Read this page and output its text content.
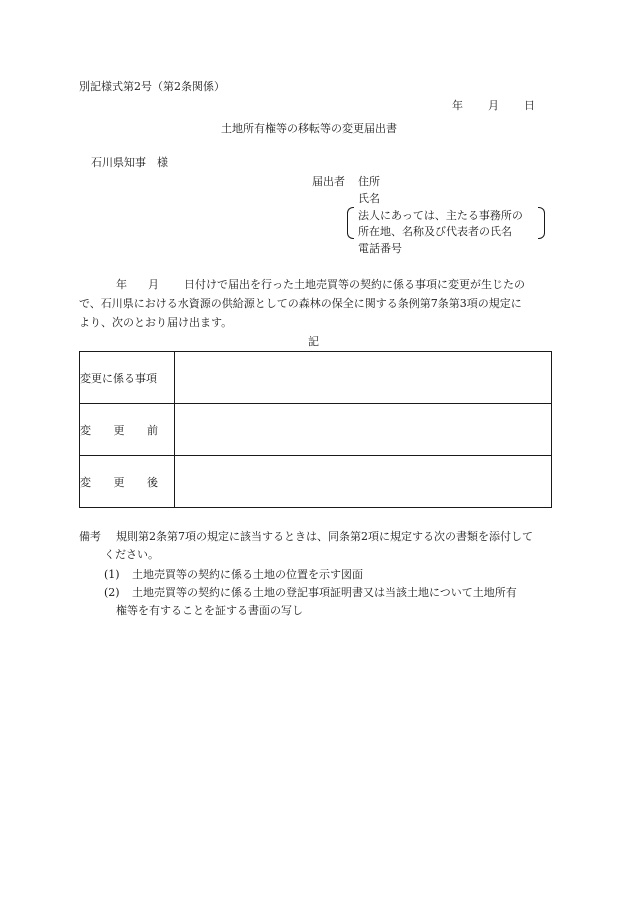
別記様式第2号（第2条関係）
年 月 日
土地所有権等の移転等の変更届出書
石川県知事　様
届出者 住所
氏名
法人にあっては、主たる事務所の
所在地、名称及び代表者の氏名
電話番号
年 月 日付けで届出を行った土地売買等の契約に係る事項に変更が生じたの
で、石川県における水資源の供給源としての森林の保全に関する条例第7条第3項の規定に
より、次のとおり届け出ます。
記
変更に係る事項	

変 更 前	

変 更 後	

備考 規則第2条第7項の規定に該当するときは、同条第2項に規定する次の書類を添付して
ください。
(1) 土地売買等の契約に係る土地の位置を示す図面
(2) 土地売買等の契約に係る土地の登記事項証明書又は当該土地について土地所有
権等を有することを証する書面の写し
